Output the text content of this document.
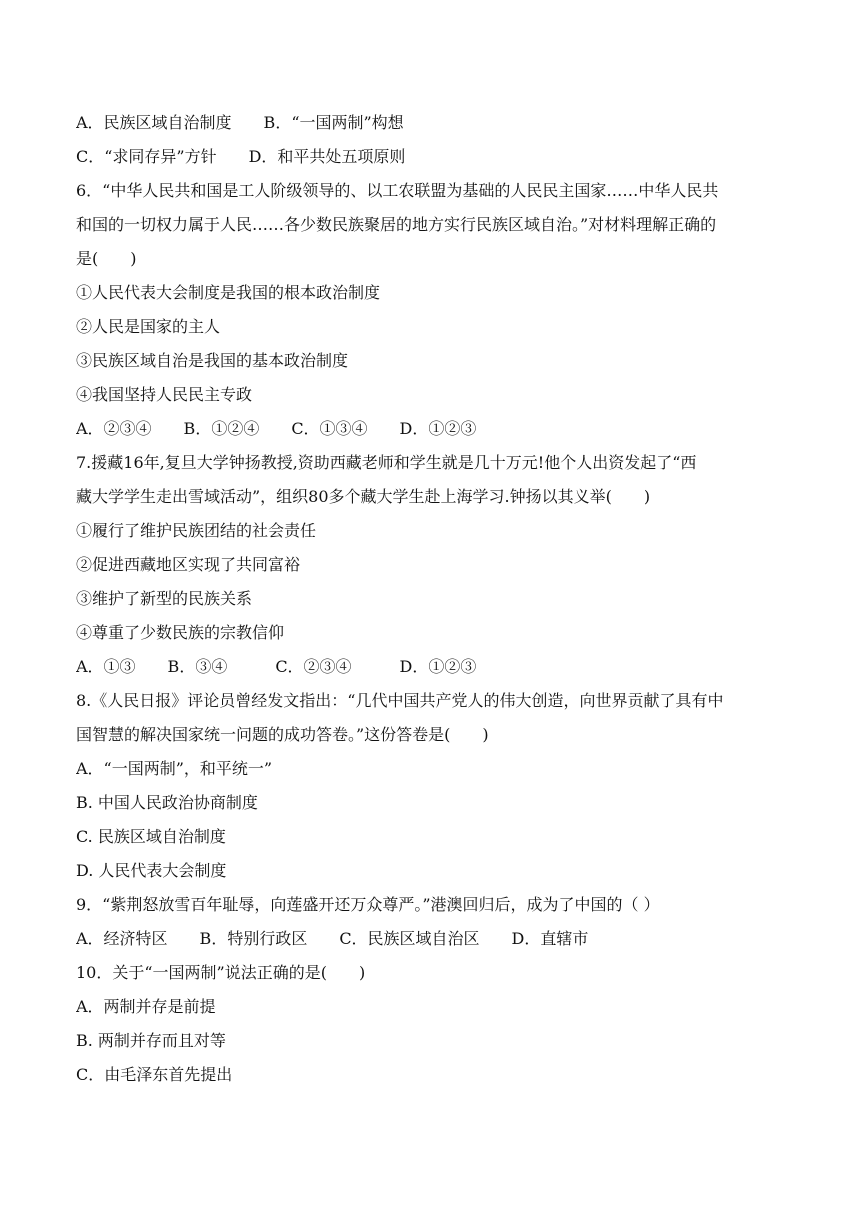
A．民族区域自治制度　　B．“一国两制”构想
C．“求同存异”方针　　D．和平共处五项原则
6．“中华人民共和国是工人阶级领导的、以工农联盟为基础的人民民主国家……中华人民共
和国的一切权力属于人民……各少数民族聚居的地方实行民族区域自治。”对材料理解正确的
是(　　)
①人民代表大会制度是我国的根本政治制度
②人民是国家的主人
③民族区域自治是我国的基本政治制度
④我国坚持人民民主专政
A．②③④　　B．①②④　　C．①③④　　D．①②③
7.援藏16年,复旦大学钟扬教授,资助西藏老师和学生就是几十万元!他个人出资发起了“西
藏大学学生走出雪域活动”，组织80多个藏大学生赴上海学习.钟扬以其义举(　　)
①履行了维护民族团结的社会责任
②促进西藏地区实现了共同富裕
③维护了新型的民族关系
④尊重了少数民族的宗教信仰
A．①③　　B．③④　　　C．②③④　　　D．①②③
8.《人民日报》评论员曾经发文指出：“几代中国共产党人的伟大创造，向世界贡献了具有中
国智慧的解决国家统一问题的成功答卷。”这份答卷是(　　)
A．“一国两制”，和平统一”
B. 中国人民政治协商制度
C. 民族区域自治制度
D. 人民代表大会制度
9．“紫荆怒放雪百年耻辱，向莲盛开还万众尊严。”港澳回归后，成为了中国的（ ）
A．经济特区　　B．特别行政区　　C．民族区域自治区　　D．直辖市
10．关于“一国两制”说法正确的是(　　)
A．两制并存是前提
B. 两制并存而且对等
C．由毛泽东首先提出
